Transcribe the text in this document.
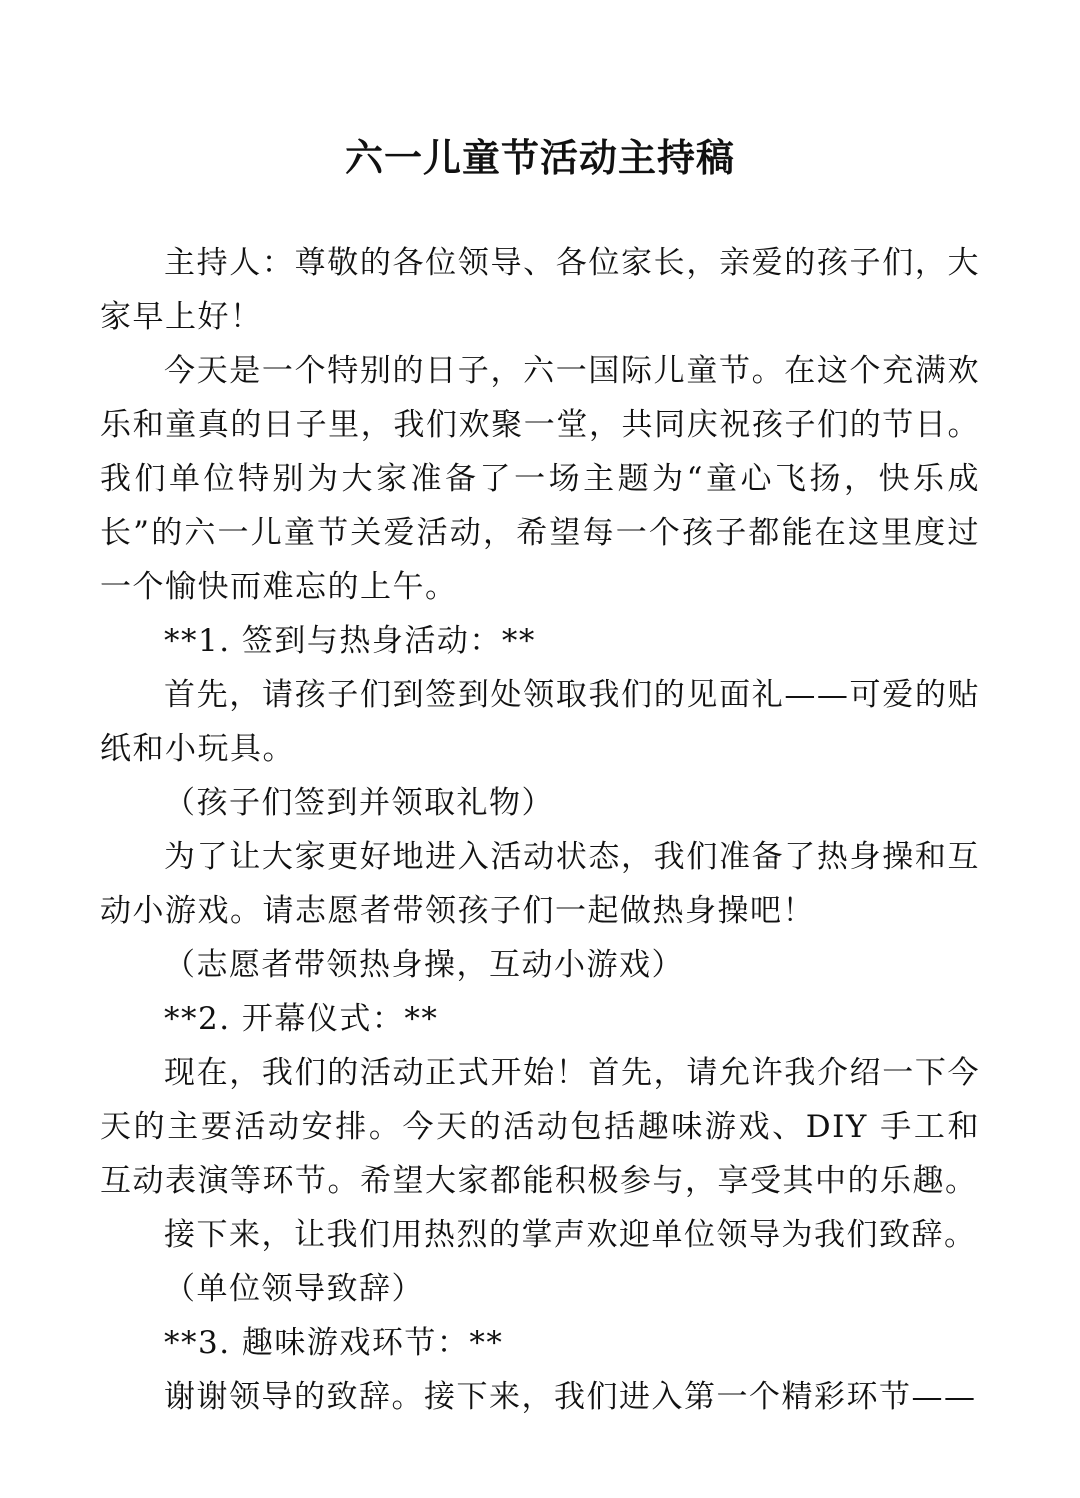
六一儿童节活动主持稿

主持人：尊敬的各位领导、各位家长，亲爱的孩子们，大家早上好！

今天是一个特别的日子，六一国际儿童节。在这个充满欢乐和童真的日子里，我们欢聚一堂，共同庆祝孩子们的节日。我们单位特别为大家准备了一场主题为“童心飞扬，快乐成长”的六一儿童节关爱活动，希望每一个孩子都能在这里度过一个愉快而难忘的上午。

**1. 签到与热身活动：**

首先，请孩子们到签到处领取我们的见面礼——可爱的贴纸和小玩具。

（孩子们签到并领取礼物）

为了让大家更好地进入活动状态，我们准备了热身操和互动小游戏。请志愿者带领孩子们一起做热身操吧！

（志愿者带领热身操，互动小游戏）

**2. 开幕仪式：**

现在，我们的活动正式开始！首先，请允许我介绍一下今天的主要活动安排。今天的活动包括趣味游戏、DIY 手工和互动表演等环节。希望大家都能积极参与，享受其中的乐趣。

接下来，让我们用热烈的掌声欢迎单位领导为我们致辞。

（单位领导致辞）

**3. 趣味游戏环节：**

谢谢领导的致辞。接下来，我们进入第一个精彩环节——
